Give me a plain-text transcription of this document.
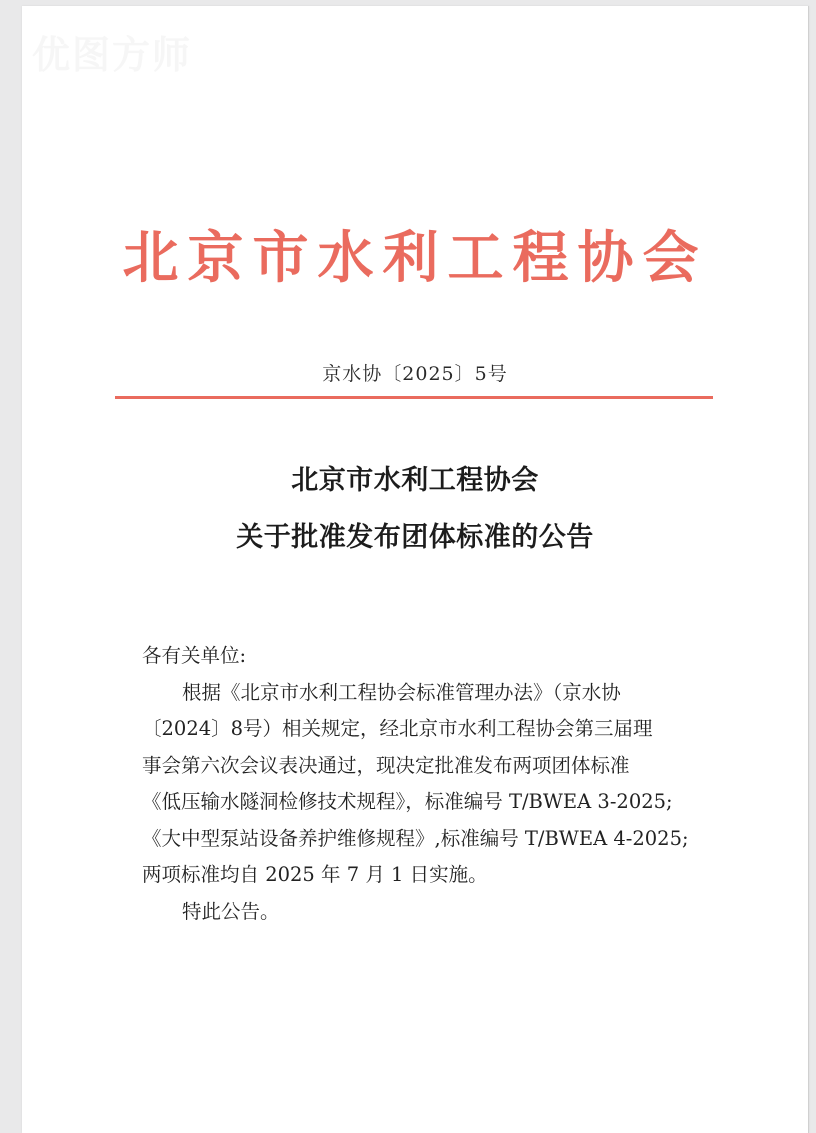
优图方师
北京市水利工程协会
京水协〔2025〕5号
北京市水利工程协会
关于批准发布团体标准的公告
各有关单位:
根据《北京市水利工程协会标准管理办法》（京水协
〔2024〕8号）相关规定，经北京市水利工程协会第三届理
事会第六次会议表决通过，现决定批准发布两项团体标准
《低压输水隧洞检修技术规程》，标准编号 T/BWEA 3-2025;
《大中型泵站设备养护维修规程》,标准编号 T/BWEA 4-2025;
两项标准均自 2025 年 7 月 1 日实施。
特此公告。
